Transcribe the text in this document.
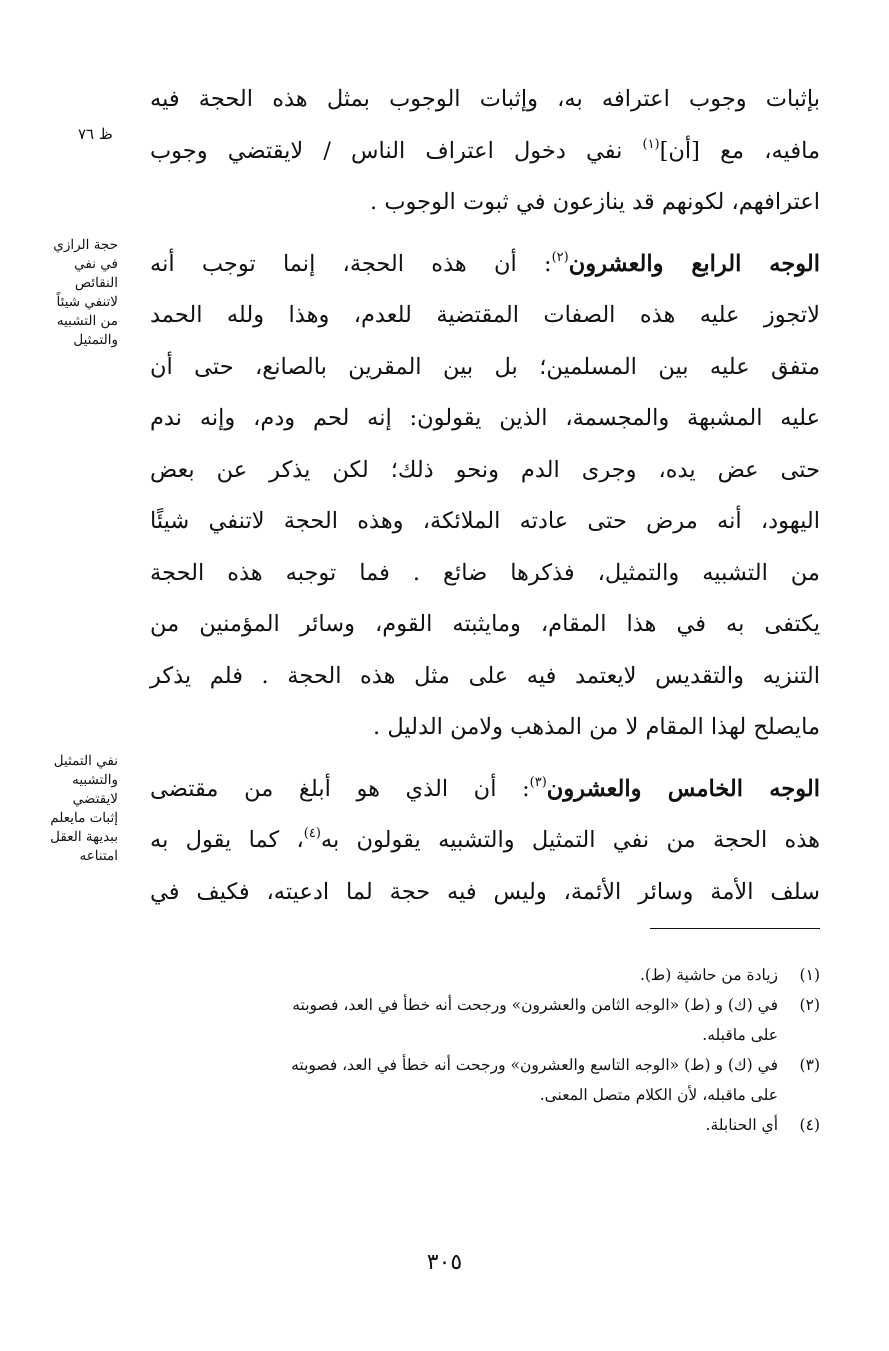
بإثبات وجوب اعترافه به، وإثبات الوجوب بمثل هذه الحجة فيه
مافيه، مع [أن]$^{(١)}$ نفي دخول اعتراف الناس / لايقتضي وجوب
اعترافهم، لكونهم قد ينازعون في ثبوت الوجوب .

الوجه الرابع والعشرون$^{(٢)}$: أن هذه الحجة، إنما توجب أنه
لاتجوز عليه هذه الصفات المقتضية للعدم، وهذا ولله الحمد
متفق عليه بين المسلمين؛ بل بين المقرين بالصانع، حتى أن
عليه المشبهة والمجسمة، الذين يقولون: إنه لحم ودم، وإنه ندم
حتى عض يده، وجرى الدم ونحو ذلك؛ لكن يذكر عن بعض
اليهود، أنه مرض حتى عادته الملائكة، وهذه الحجة لاتنفي شيئًا
من التشبيه والتمثيل، فذكرها ضائع . فما توجبه هذه الحجة
يكتفى به في هذا المقام، ومايثبته القوم، وسائر المؤمنين من
التنزيه والتقديس لايعتمد فيه على مثل هذه الحجة . فلم يذكر
مايصلح لهذا المقام لا من المذهب ولامن الدليل .

الوجه الخامس والعشرون$^{(٣)}$: أن الذي هو أبلغ من مقتضى
هذه الحجة من نفي التمثيل والتشبيه يقولون به$^{(٤)}$، كما يقول به
سلف الأمة وسائر الأئمة، وليس فيه حجة لما ادعيته، فكيف في

ظ ٧٦
حجة الرازي
في نفي
النقائص
لاتنفي شيئاً
من التشبيه
والتمثيل
نفي التمثيل
والتشبيه
لايقتضي
إثبات مايعلم
ببديهة العقل
امتناعه
(١)
زيادة من حاشية (ط).
(٢)
في (ك) و (ط) «الوجه الثامن والعشرون» ورجحت أنه خطأ في العد، فصوبته
على ماقبله.
(٣)
في (ك) و (ط) «الوجه التاسع والعشرون» ورجحت أنه خطأ في العد، فصوبته
على ماقبله، لأن الكلام متصل المعنى.
(٤)
أي الحنابلة.
٣٠٥
